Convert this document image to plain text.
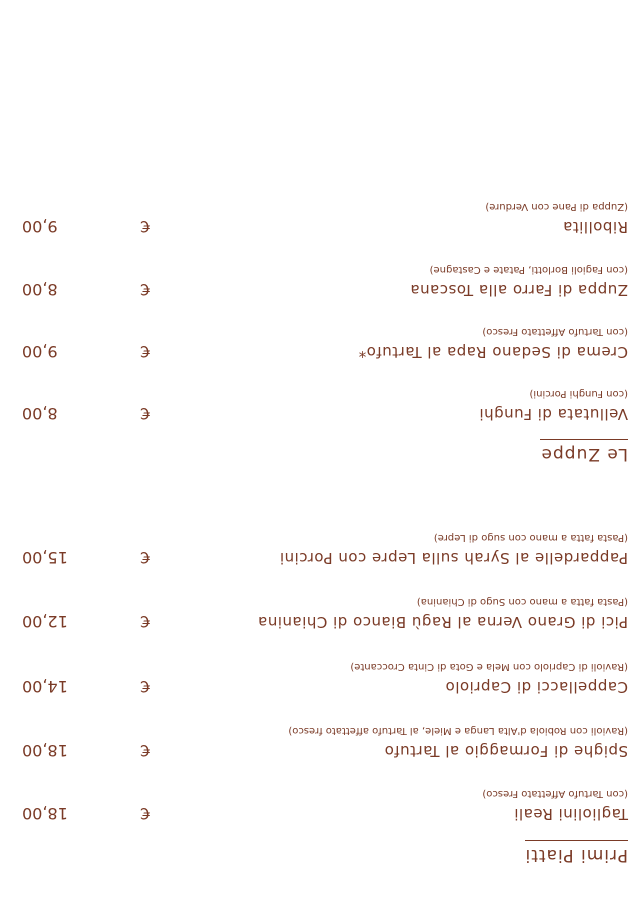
Primi Piatti
Tagliolini Reali
(con Tartufo Affettato Fresco)
€18,00
Spighe di Formaggio al Tartufo
(Ravioli con Robiola d'Alta Langa e Miele, al Tartufo affettato fresco)
€18,00
Cappellacci di Capriolo
(Ravioli di Capriolo con Mela e Gota di Cinta Croccante)
€14,00
Pici di Grano Verna al Ragù Bianco di Chianina
(Pasta fatta a mano con Sugo di Chianina)
€12,00
Pappardelle al Syrah sulla Lepre con Porcini
(Pasta fatta a mano con sugo di Lepre)
€15,00
Le Zuppe
Vellutata di Funghi
(con Funghi Porcini)
€8,00
Crema di Sedano Rapa al Tartufo*
(con Tartufo Affettato Fresco)
€9,00
Zuppa di Farro alla Toscana
(con Fagioli Borlotti, Patate e Castagne)
€8,00
Ribollita
(Zuppa di Pane con Verdure)
€9,00
